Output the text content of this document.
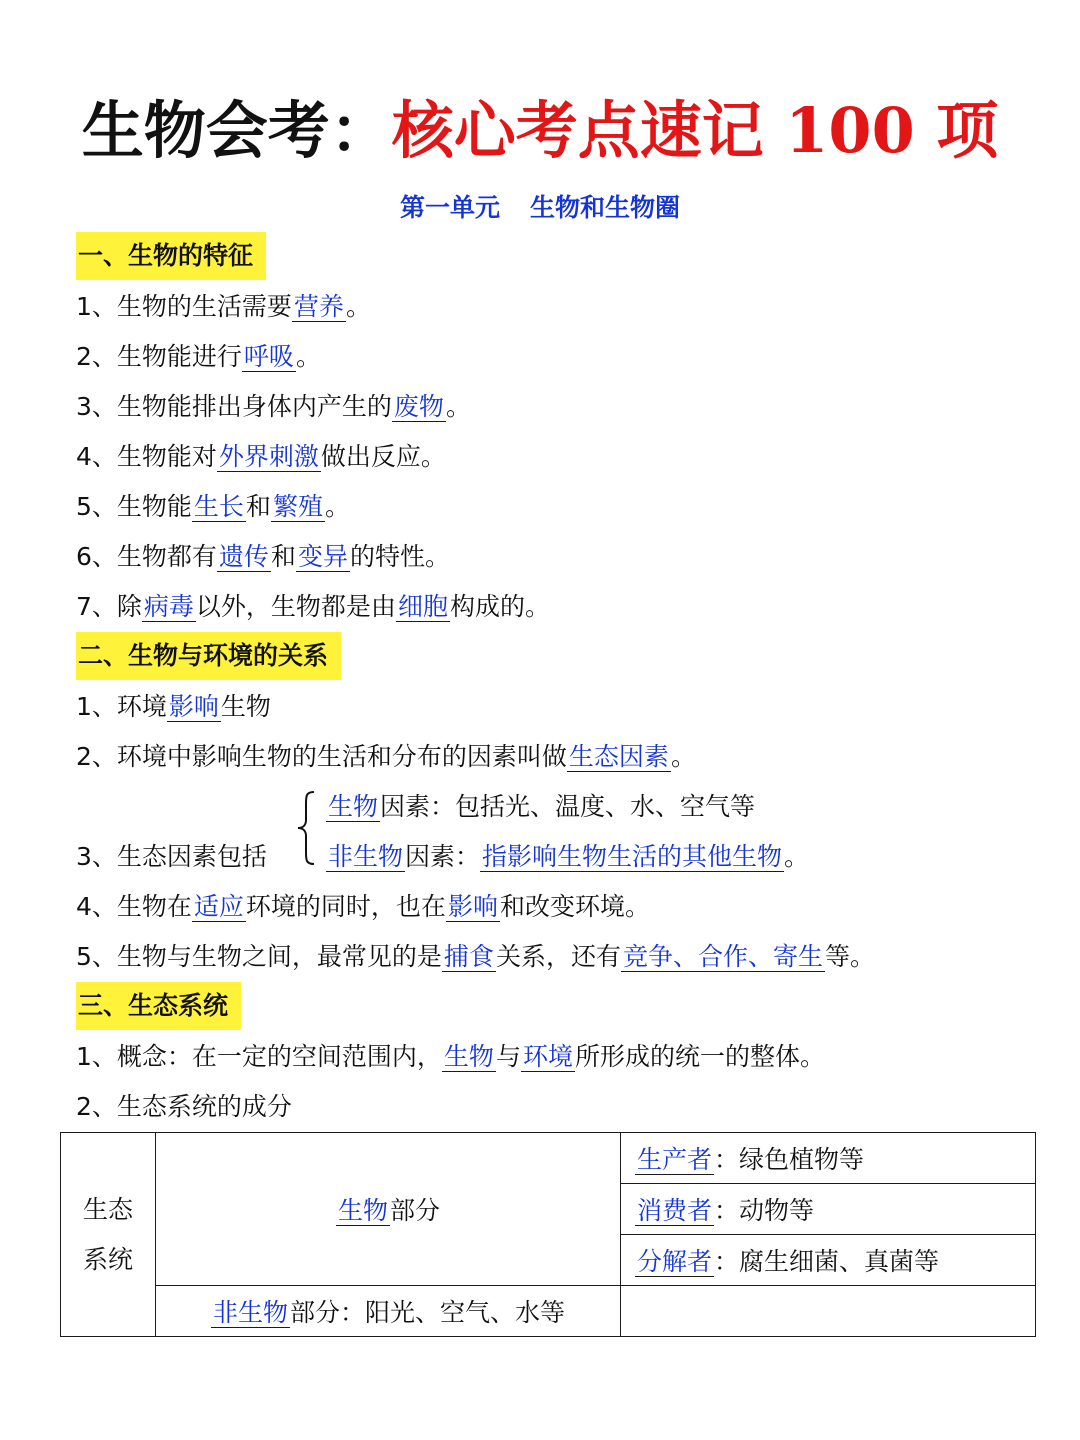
生物会考：核心考点速记 100 项
第一单元 生物和生物圈
一、生物的特征
1、生物的生活需要营养。
2、生物能进行呼吸。
3、生物能排出身体内产生的废物。
4、生物能对外界刺激做出反应。
5、生物能生长和繁殖。
6、生物都有遗传和变异的特性。
7、除病毒以外，生物都是由细胞构成的。
二、生物与环境的关系
1、环境影响生物
2、环境中影响生物的生活和分布的因素叫做生态因素。
生物因素：包括光、温度、水、空气等
3、生态因素包括 非生物因素：指影响生物生活的其他生物。
4、生物在适应环境的同时，也在影响和改变环境。
5、生物与生物之间，最常见的是捕食关系，还有竞争、合作、寄生等。
三、生态系统
1、概念：在一定的空间范围内，生物与环境所形成的统一的整体。
2、生态系统的成分
生态
系统	生物部分	生产者：绿色植物等
		消费者：动物等
		分解者：腐生细菌、真菌等
	非生物部分：阳光、空气、水等	
